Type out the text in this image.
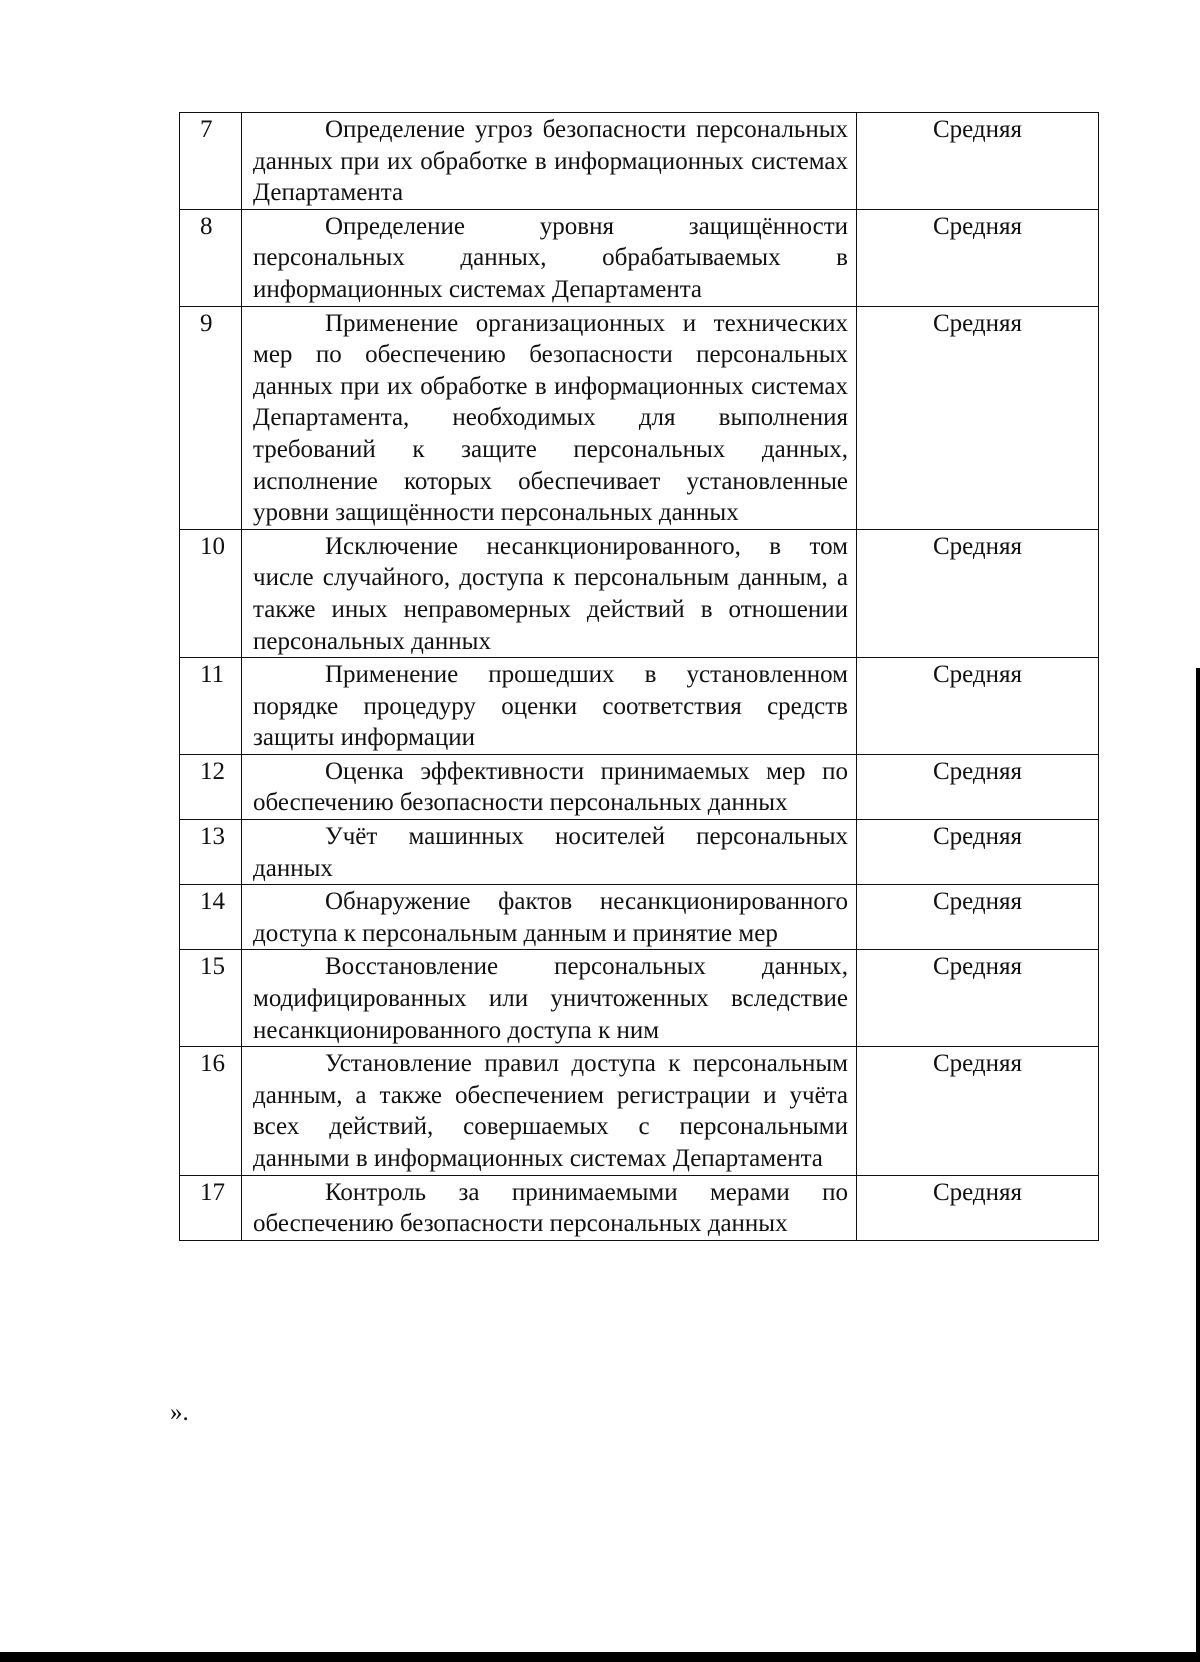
7	Определение угроз безопасности персональных данных при их обработке в информационных системах Департамента	Средняя
8	Определение уровня защищённости персональных данных, обрабатываемых в информационных системах Департамента	Средняя
9	Применение организационных и технических мер по обеспечению безопасности персональных данных при их обработке в информационных системах Департамента, необходимых для выполнения требований к защите персональных данных, исполнение которых обеспечивает установленные уровни защищённости персональных данных	Средняя
10	Исключение несанкционированного, в том числе случайного, доступа к персональным данным, а также иных неправомерных действий в отношении персональных данных	Средняя
11	Применение прошедших в установленном порядке процедуру оценки соответствия средств защиты информации	Средняя
12	Оценка эффективности принимаемых мер по обеспечению безопасности персональных данных	Средняя
13	Учёт машинных носителей персональных данных	Средняя
14	Обнаружение фактов несанкционированного доступа к персональным данным и принятие мер	Средняя
15	Восстановление персональных данных, модифицированных или уничтоженных вследствие несанкционированного доступа к ним	Средняя
16	Установление правил доступа к персональным данным, а также обеспечением регистрации и учёта всех действий, совершаемых с персональными данными в информационных системах Департамента	Средняя
17	Контроль за принимаемыми мерами по обеспечению безопасности персональных данных	Средняя
».
